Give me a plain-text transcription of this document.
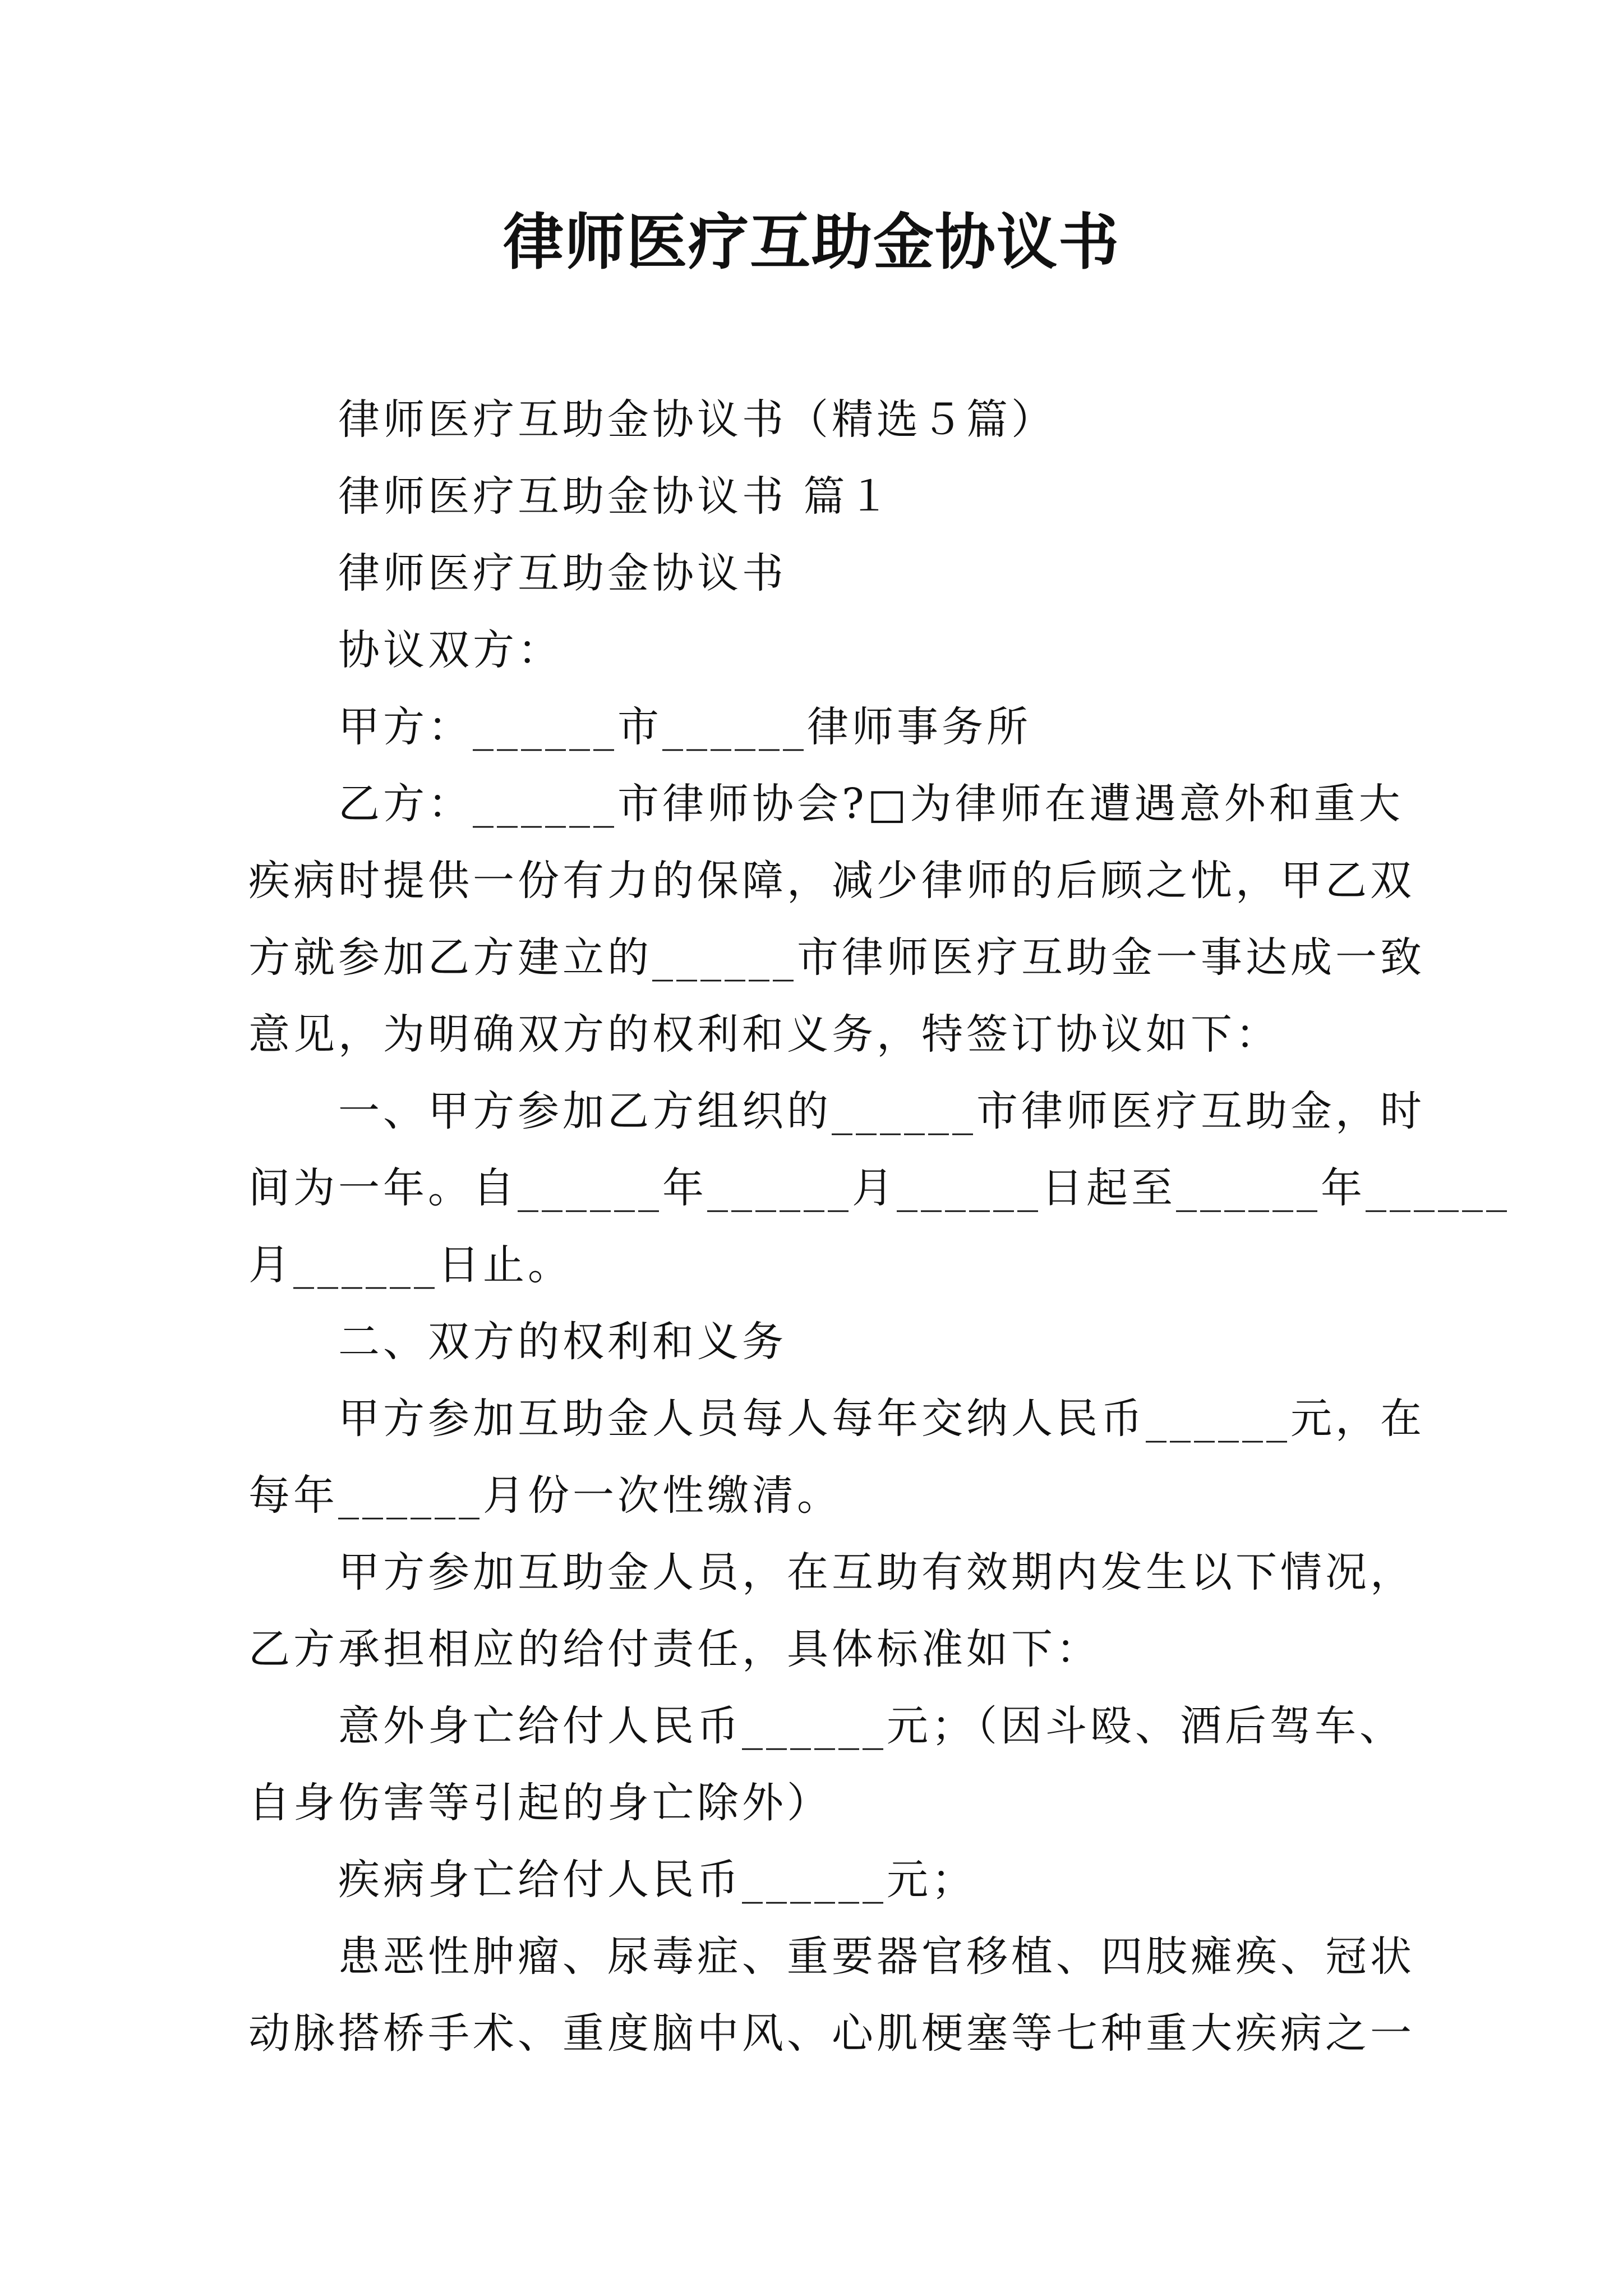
律师医疗互助金协议书
律师医疗互助金协议书（精选５篇）
律师医疗互助金协议书 篇１
律师医疗互助金协议书
协议双方：
甲方：______市______律师事务所
乙方：______市律师协会?□为律师在遭遇意外和重大
疾病时提供一份有力的保障，减少律师的后顾之忧，甲乙双
方就参加乙方建立的______市律师医疗互助金一事达成一致
意见，为明确双方的权利和义务，特签订协议如下：
一、甲方参加乙方组织的______市律师医疗互助金，时
间为一年。自______年______月______日起至______年______
月______日止。
二、双方的权利和义务
甲方参加互助金人员每人每年交纳人民币______元，在
每年______月份一次性缴清。
甲方参加互助金人员，在互助有效期内发生以下情况，
乙方承担相应的给付责任，具体标准如下：
意外身亡给付人民币______元；（因斗殴、酒后驾车、
自身伤害等引起的身亡除外）
疾病身亡给付人民币______元；
患恶性肿瘤、尿毒症、重要器官移植、四肢瘫痪、冠状
动脉搭桥手术、重度脑中风、心肌梗塞等七种重大疾病之一
